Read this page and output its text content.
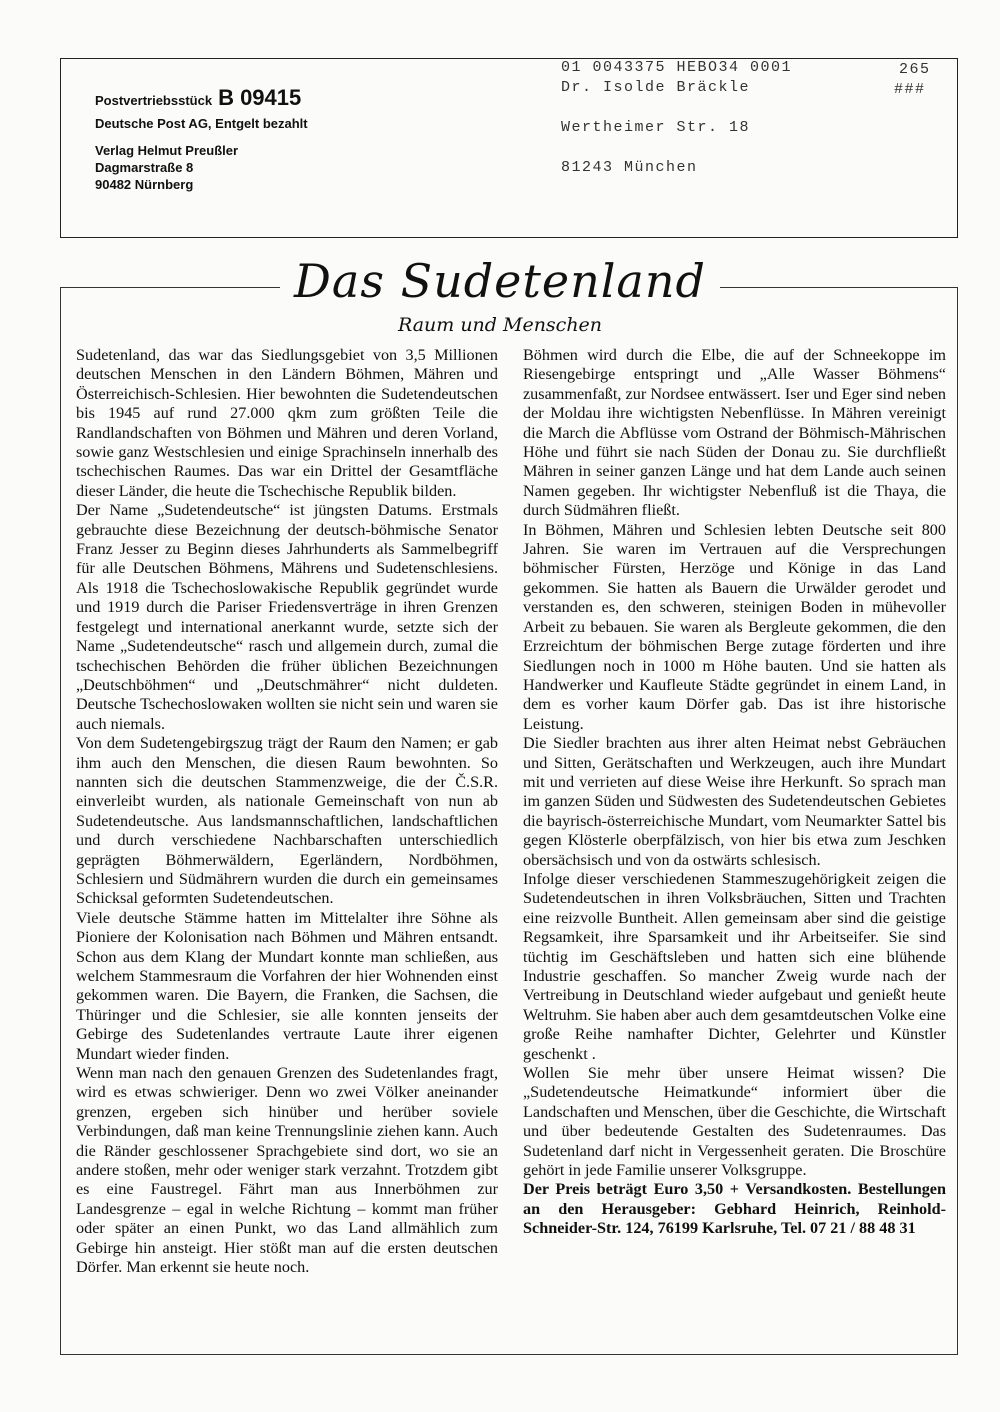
Postvertriebsstück B 09415
Deutsche Post AG, Entgelt bezahlt
Verlag Helmut Preußler
Dagmarstraße 8
90482 Nürnberg
01 0043375 HEBO34 0001	265
Dr. Isolde Bräckle	###
Wertheimer Str. 18
81243 München
Das Sudetenland
Raum und Menschen

Sudetenland, das war das Siedlungsgebiet von 3,5 Millionen deutschen Menschen in den Ländern Böhmen, Mähren und Österreichisch-Schlesien. Hier bewohnten die Sudetendeutschen bis 1945 auf rund 27.000 qkm zum größten Teile die Randlandschaften von Böhmen und Mähren und deren Vorland, sowie ganz Westschlesien und einige Sprachinseln innerhalb des tschechischen Raumes. Das war ein Drittel der Gesamtfläche dieser Länder, die heute die Tschechische Republik bilden.

Der Name „Sudetendeutsche“ ist jüngsten Datums. Erstmals gebrauchte diese Bezeichnung der deutsch-böhmische Senator Franz Jesser zu Beginn dieses Jahrhunderts als Sammelbegriff für alle Deutschen Böhmens, Mährens und Sudetenschlesiens. Als 1918 die Tschechoslowakische Republik gegründet wurde und 1919 durch die Pariser Friedensverträge in ihren Grenzen festgelegt und international anerkannt wurde, setzte sich der Name „Sudetendeutsche“ rasch und allgemein durch, zumal die tschechischen Behörden die früher üblichen Bezeichnungen „Deutschböhmen“ und „Deutschmährer“ nicht duldeten. Deutsche Tschechoslowaken wollten sie nicht sein und waren sie auch niemals.

Von dem Sudetengebirgszug trägt der Raum den Namen; er gab ihm auch den Menschen, die diesen Raum bewohnten. So nannten sich die deutschen Stammenzweige, die der Č.S.R. einverleibt wurden, als nationale Gemeinschaft von nun ab Sudetendeutsche. Aus landsmannschaftlichen, landschaftlichen und durch verschiedene Nachbarschaften unterschiedlich geprägten Böhmerwäldern, Egerländern, Nordböhmen, Schlesiern und Südmährern wurden die durch ein gemeinsames Schicksal geformten Sudetendeutschen.

Viele deutsche Stämme hatten im Mittelalter ihre Söhne als Pioniere der Kolonisation nach Böhmen und Mähren entsandt. Schon aus dem Klang der Mundart konnte man schließen, aus welchem Stammesraum die Vorfahren der hier Wohnenden einst gekommen waren. Die Bayern, die Franken, die Sachsen, die Thüringer und die Schlesier, sie alle konnten jenseits der Gebirge des Sudetenlandes vertraute Laute ihrer eigenen Mundart wieder finden.

Wenn man nach den genauen Grenzen des Sudetenlandes fragt, wird es etwas schwieriger. Denn wo zwei Völker aneinander grenzen, ergeben sich hinüber und herüber soviele Verbindungen, daß man keine Trennungslinie ziehen kann. Auch die Ränder geschlossener Sprachgebiete sind dort, wo sie an andere stoßen, mehr oder weniger stark verzahnt. Trotzdem gibt es eine Faustregel. Fährt man aus Innerböhmen zur Landesgrenze – egal in welche Richtung – kommt man früher oder später an einen Punkt, wo das Land allmählich zum Gebirge hin ansteigt. Hier stößt man auf die ersten deutschen Dörfer. Man erkennt sie heute noch.

Böhmen wird durch die Elbe, die auf der Schneekoppe im Riesengebirge entspringt und „Alle Wasser Böhmens“ zusammenfaßt, zur Nordsee entwässert. Iser und Eger sind neben der Moldau ihre wichtigsten Nebenflüsse. In Mähren vereinigt die March die Abflüsse vom Ostrand der Böhmisch-Mährischen Höhe und führt sie nach Süden der Donau zu. Sie durchfließt Mähren in seiner ganzen Länge und hat dem Lande auch seinen Namen gegeben. Ihr wichtigster Nebenfluß ist die Thaya, die durch Südmähren fließt.

In Böhmen, Mähren und Schlesien lebten Deutsche seit 800 Jahren. Sie waren im Vertrauen auf die Versprechungen böhmischer Fürsten, Herzöge und Könige in das Land gekommen. Sie hatten als Bauern die Urwälder gerodet und verstanden es, den schweren, steinigen Boden in mühevoller Arbeit zu bebauen. Sie waren als Bergleute gekommen, die den Erzreichtum der böhmischen Berge zutage förderten und ihre Siedlungen noch in 1000 m Höhe bauten. Und sie hatten als Handwerker und Kaufleute Städte gegründet in einem Land, in dem es vorher kaum Dörfer gab. Das ist ihre historische Leistung.

Die Siedler brachten aus ihrer alten Heimat nebst Gebräuchen und Sitten, Gerätschaften und Werkzeugen, auch ihre Mundart mit und verrieten auf diese Weise ihre Herkunft. So sprach man im ganzen Süden und Südwesten des Sudetendeutschen Gebietes die bayrisch-österreichische Mundart, vom Neumarkter Sattel bis gegen Klösterle oberpfälzisch, von hier bis etwa zum Jeschken obersächsisch und von da ostwärts schlesisch.

Infolge dieser verschiedenen Stammeszugehörigkeit zeigen die Sudetendeutschen in ihren Volksbräuchen, Sitten und Trachten eine reizvolle Buntheit. Allen gemeinsam aber sind die geistige Regsamkeit, ihre Sparsamkeit und ihr Arbeitseifer. Sie sind tüchtig im Geschäftsleben und hatten sich eine blühende Industrie geschaffen. So mancher Zweig wurde nach der Vertreibung in Deutschland wieder aufgebaut und genießt heute Weltruhm. Sie haben aber auch dem gesamtdeutschen Volke eine große Reihe namhafter Dichter, Gelehrter und Künstler geschenkt .

Wollen Sie mehr über unsere Heimat wissen? Die „Sudetendeutsche Heimatkunde“ informiert über die Landschaften und Menschen, über die Geschichte, die Wirtschaft und über bedeutende Gestalten des Sudetenraumes. Das Sudetenland darf nicht in Vergessenheit geraten. Die Broschüre gehört in jede Familie unserer Volksgruppe.

Der Preis beträgt Euro 3,50 + Versandkosten. Bestellungen an den Herausgeber: Gebhard Heinrich, Reinhold-Schneider-Str. 124, 76199 Karlsruhe, Tel. 07 21 / 88 48 31
